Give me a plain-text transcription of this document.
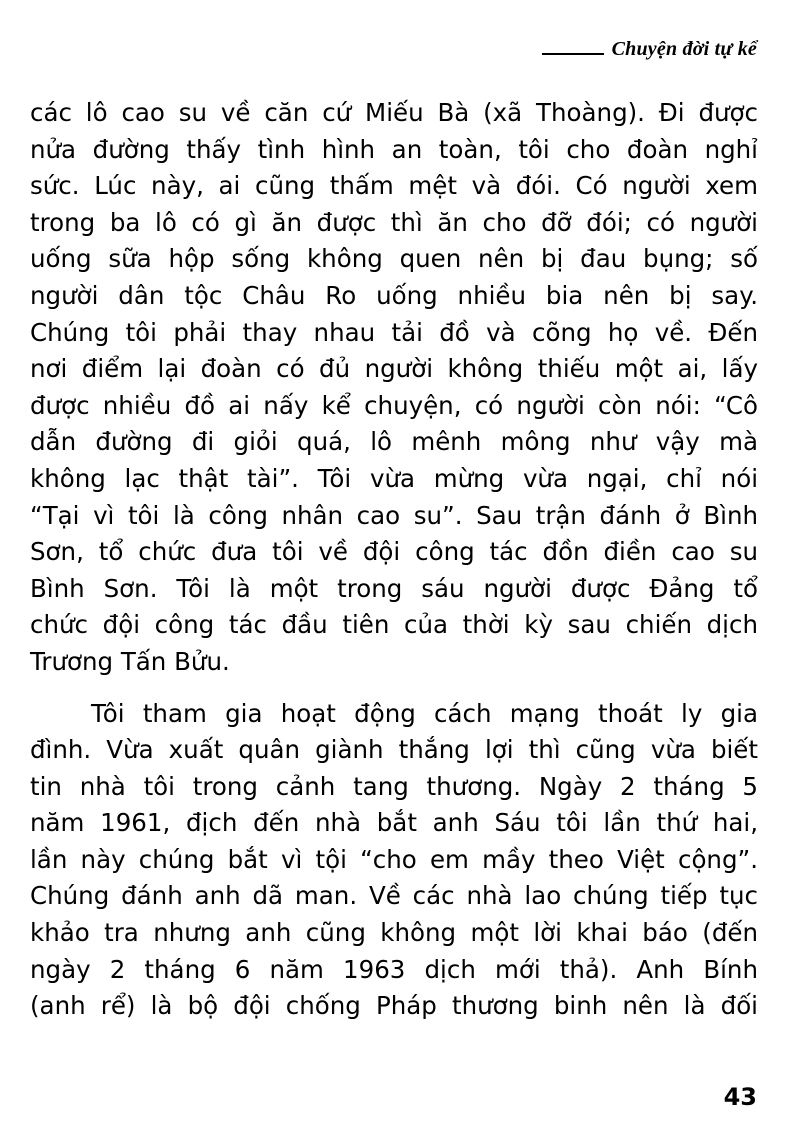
Chuyện đời tự kể
các lô cao su về căn cứ Miếu Bà (xã Thoàng). Đi được
nửa đường thấy tình hình an toàn, tôi cho đoàn nghỉ
sức. Lúc này, ai cũng thấm mệt và đói. Có người xem
trong ba lô có gì ăn được thì ăn cho đỡ đói; có người
uống sữa hộp sống không quen nên bị đau bụng; số
người dân tộc Châu Ro uống nhiều bia nên bị say.
Chúng tôi phải thay nhau tải đồ và cõng họ về. Đến
nơi điểm lại đoàn có đủ người không thiếu một ai, lấy
được nhiều đồ ai nấy kể chuyện, có người còn nói: “Cô
dẫn đường đi giỏi quá, lô mênh mông như vậy mà
không lạc thật tài”. Tôi vừa mừng vừa ngại, chỉ nói
“Tại vì tôi là công nhân cao su”. Sau trận đánh ở Bình
Sơn, tổ chức đưa tôi về đội công tác đồn điền cao su
Bình Sơn. Tôi là một trong sáu người được Đảng tổ
chức đội công tác đầu tiên của thời kỳ sau chiến dịch
Trương Tấn Bửu.
Tôi tham gia hoạt động cách mạng thoát ly gia
đình. Vừa xuất quân giành thắng lợi thì cũng vừa biết
tin nhà tôi trong cảnh tang thương. Ngày 2 tháng 5
năm 1961, địch đến nhà bắt anh Sáu tôi lần thứ hai,
lần này chúng bắt vì tội “cho em mầy theo Việt cộng”.
Chúng đánh anh dã man. Về các nhà lao chúng tiếp tục
khảo tra nhưng anh cũng không một lời khai báo (đến
ngày 2 tháng 6 năm 1963 dịch mới thả). Anh Bính
(anh rể) là bộ đội chống Pháp thương binh nên là đối
43
